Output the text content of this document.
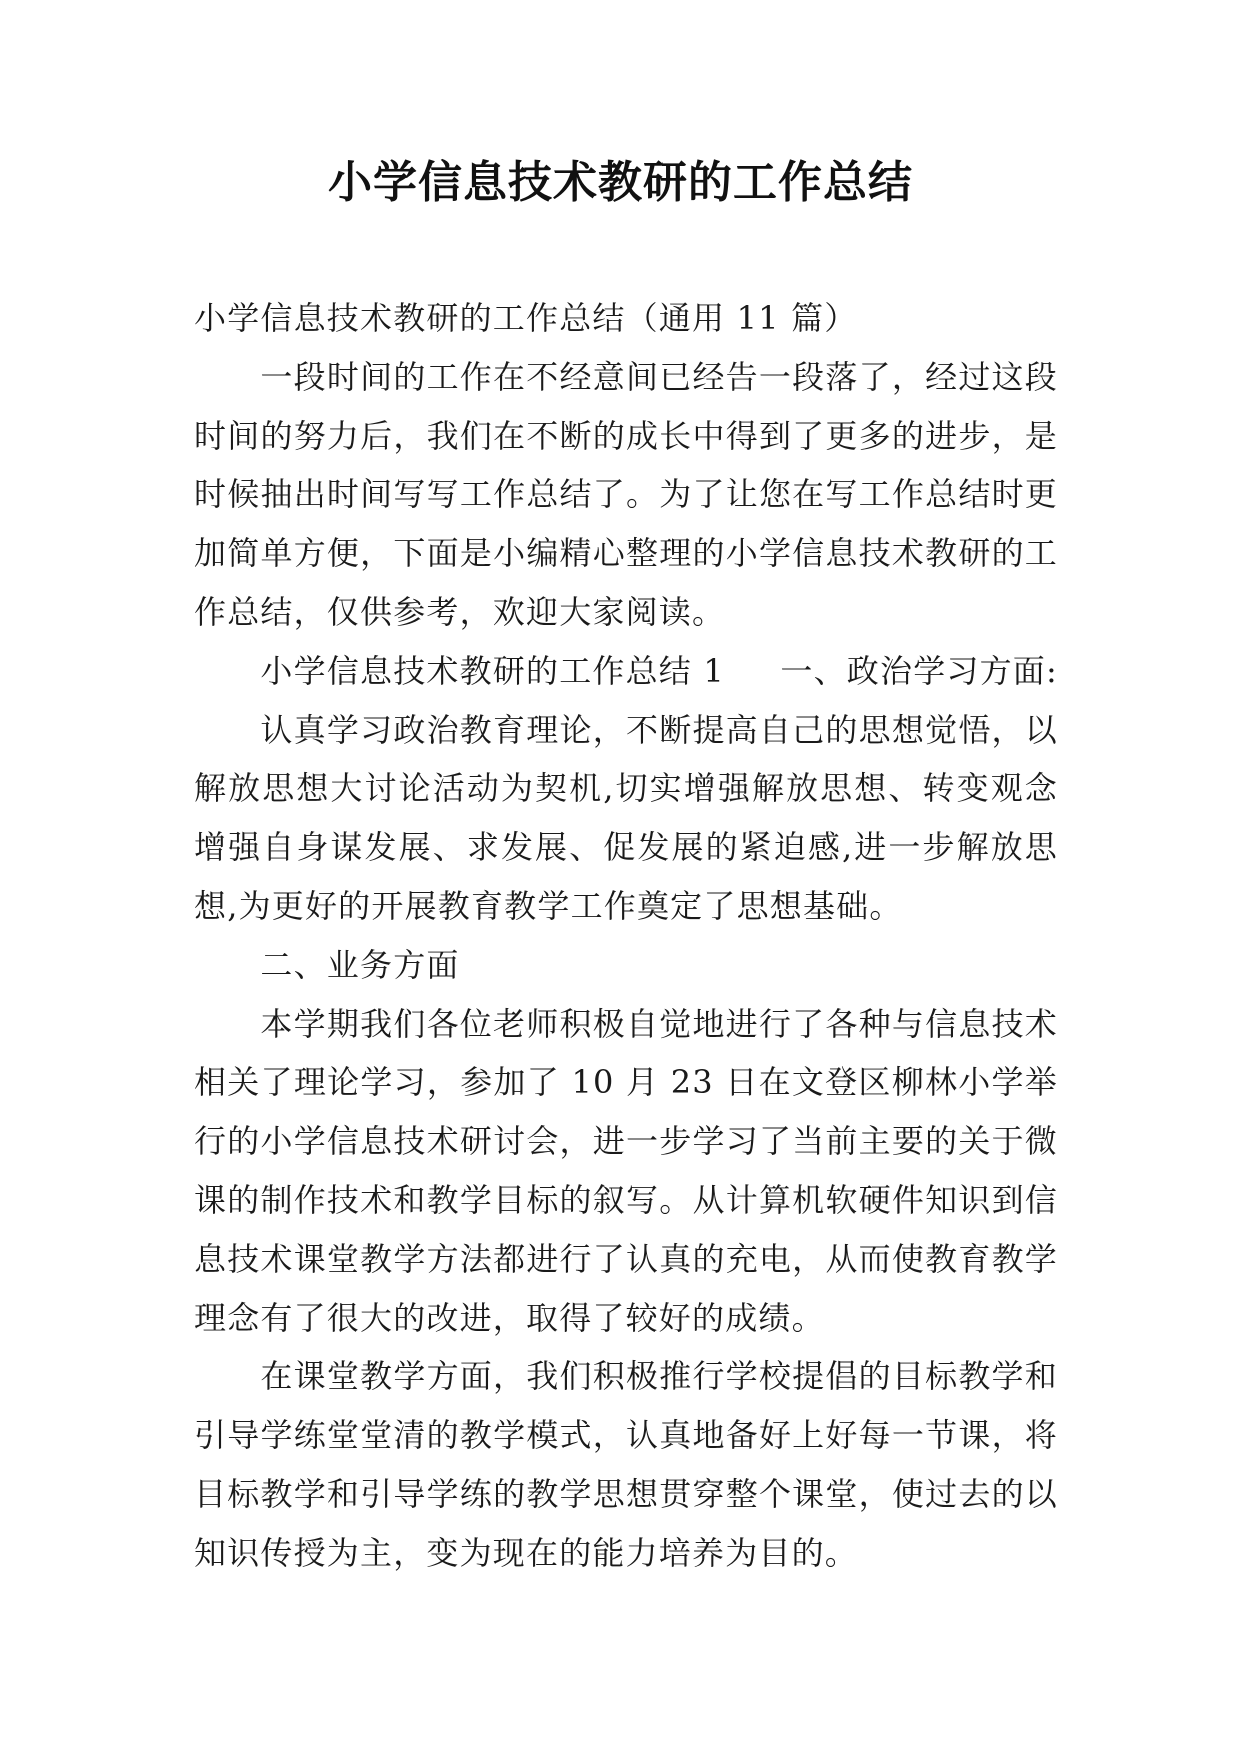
小学信息技术教研的工作总结

小学信息技术教研的工作总结（通用 11 篇）

一段时间的工作在不经意间已经告一段落了，经过这段时间的努力后，我们在不断的成长中得到了更多的进步，是时候抽出时间写写工作总结了。为了让您在写工作总结时更加简单方便，下面是小编精心整理的小学信息技术教研的工作总结，仅供参考，欢迎大家阅读。

小学信息技术教研的工作总结 1 一、政治学习方面:

认真学习政治教育理论，不断提高自己的思想觉悟，以解放思想大讨论活动为契机,切实增强解放思想、转变观念增强自身谋发展、求发展、促发展的紧迫感,进一步解放思想,为更好的开展教育教学工作奠定了思想基础。

二、业务方面

本学期我们各位老师积极自觉地进行了各种与信息技术相关了理论学习，参加了 10 月 23 日在文登区柳林小学举行的小学信息技术研讨会，进一步学习了当前主要的关于微课的制作技术和教学目标的叙写。从计算机软硬件知识到信息技术课堂教学方法都进行了认真的充电，从而使教育教学理念有了很大的改进，取得了较好的成绩。

在课堂教学方面，我们积极推行学校提倡的目标教学和引导学练堂堂清的教学模式，认真地备好上好每一节课，将目标教学和引导学练的教学思想贯穿整个课堂，使过去的以知识传授为主，变为现在的能力培养为目的。
